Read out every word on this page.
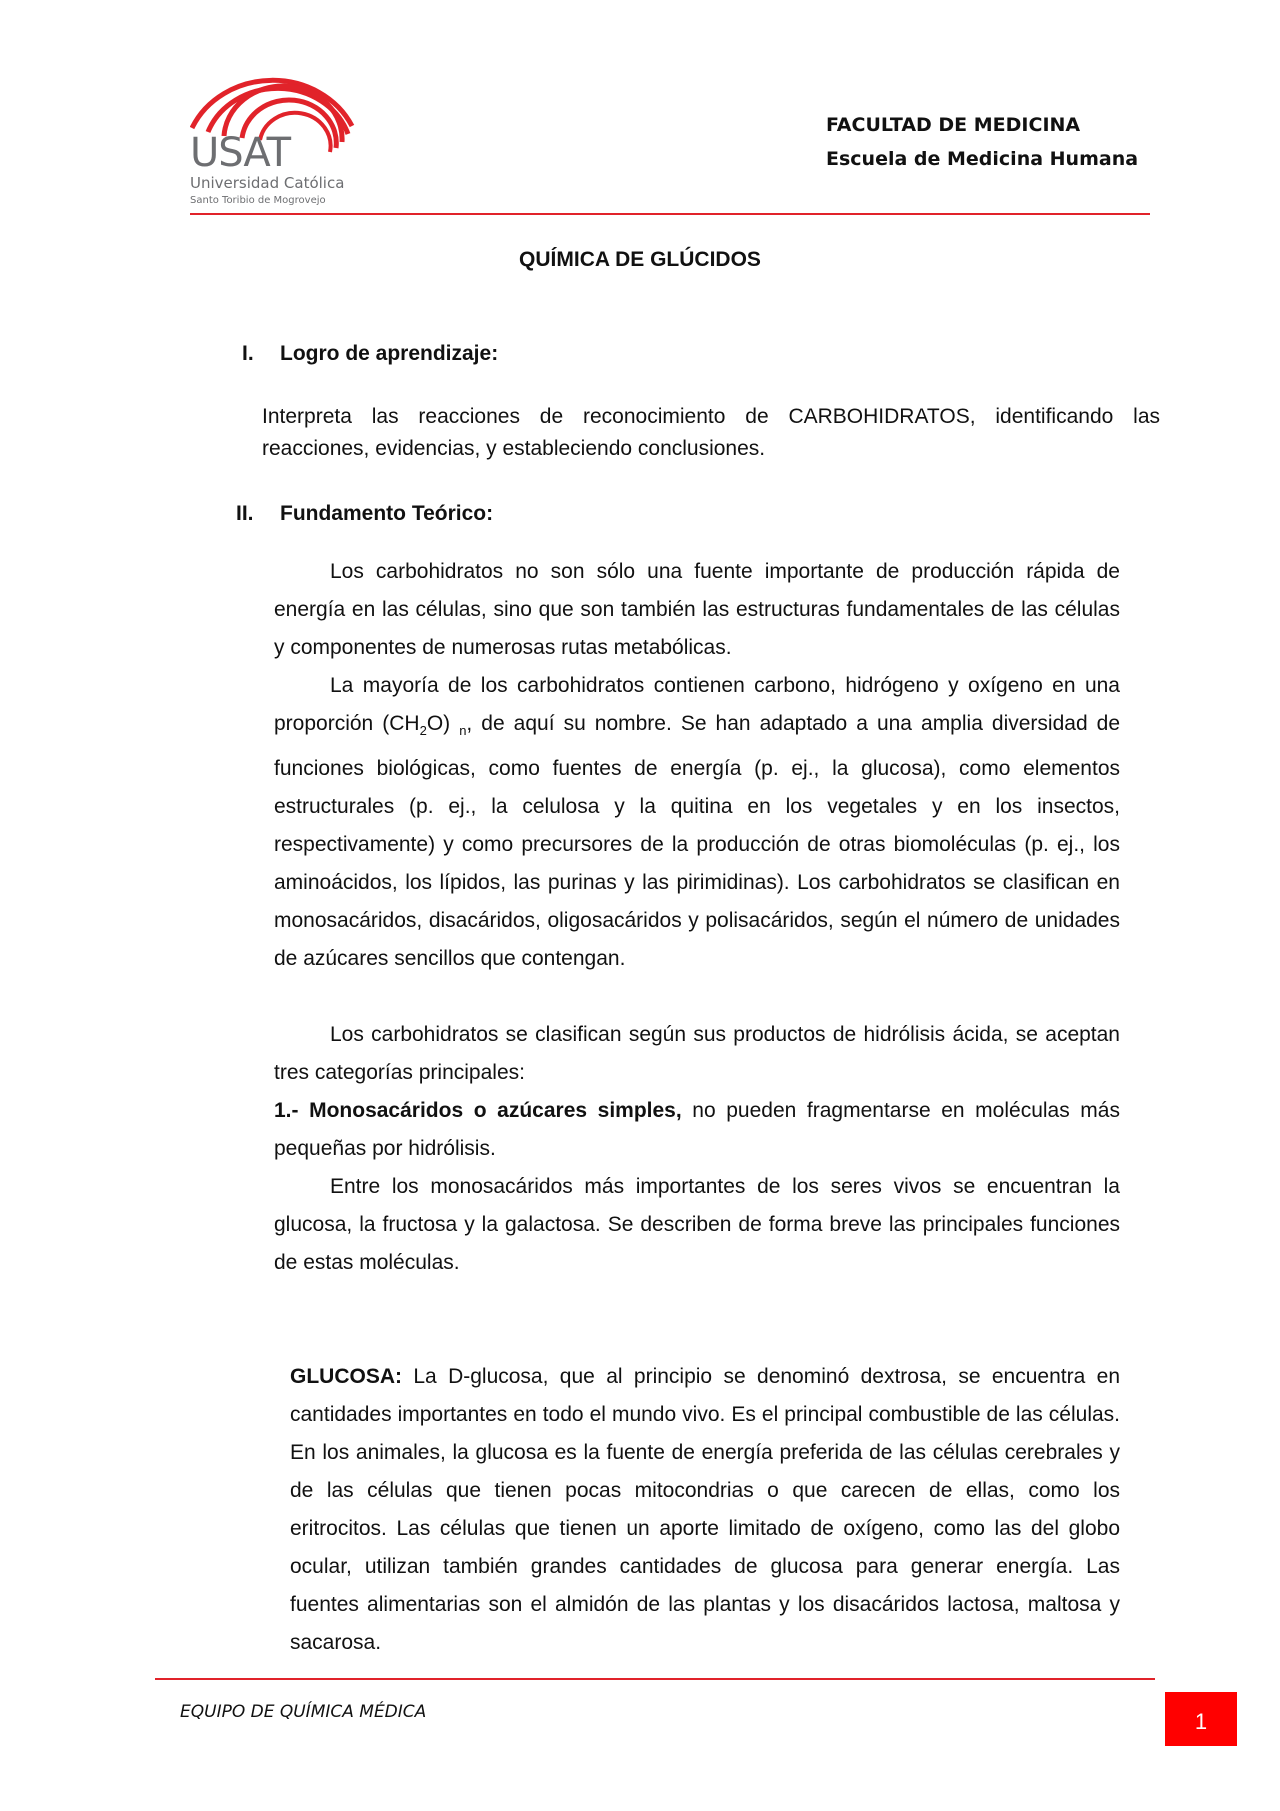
USAT
Universidad Católica
Santo Toribio de Mogrovejo
FACULTAD DE MEDICINA
Escuela de Medicina Humana
QUÍMICA DE GLÚCIDOS
I. Logro de aprendizaje:

Interpreta las reacciones de reconocimiento de CARBOHIDRATOS, identificando las reacciones, evidencias, y estableciendo conclusiones.

II. Fundamento Teórico:

Los carbohidratos no son sólo una fuente importante de producción rápida de energía en las células, sino que son también las estructuras fundamentales de las células y componentes de numerosas rutas metabólicas.

La mayoría de los carbohidratos contienen carbono, hidrógeno y oxígeno en una proporción $(CH_2O)$ $_n$, de aquí su nombre. Se han adaptado a una amplia diversidad de funciones biológicas, como fuentes de energía (p. ej., la glucosa), como elementos estructurales (p. ej., la celulosa y la quitina en los vegetales y en los insectos, respectivamente) y como precursores de la producción de otras biomoléculas (p. ej., los aminoácidos, los lípidos, las purinas y las pirimidinas). Los carbohidratos se clasifican en monosacáridos, disacáridos, oligosacáridos y polisacáridos, según el número de unidades de azúcares sencillos que contengan.

Los carbohidratos se clasifican según sus productos de hidrólisis ácida, se aceptan tres categorías principales:

1.- Monosacáridos o azúcares simples, no pueden fragmentarse en moléculas más pequeñas por hidrólisis.

Entre los monosacáridos más importantes de los seres vivos se encuentran la glucosa, la fructosa y la galactosa. Se describen de forma breve las principales funciones de estas moléculas.

GLUCOSA: La D-glucosa, que al principio se denominó dextrosa, se encuentra en cantidades importantes en todo el mundo vivo. Es el principal combustible de las células. En los animales, la glucosa es la fuente de energía preferida de las células cerebrales y de las células que tienen pocas mitocondrias o que carecen de ellas, como los eritrocitos. Las células que tienen un aporte limitado de oxígeno, como las del globo ocular, utilizan también grandes cantidades de glucosa para generar energía. Las fuentes alimentarias son el almidón de las plantas y los disacáridos lactosa, maltosa y sacarosa.

EQUIPO DE QUÍMICA MÉDICA	1
